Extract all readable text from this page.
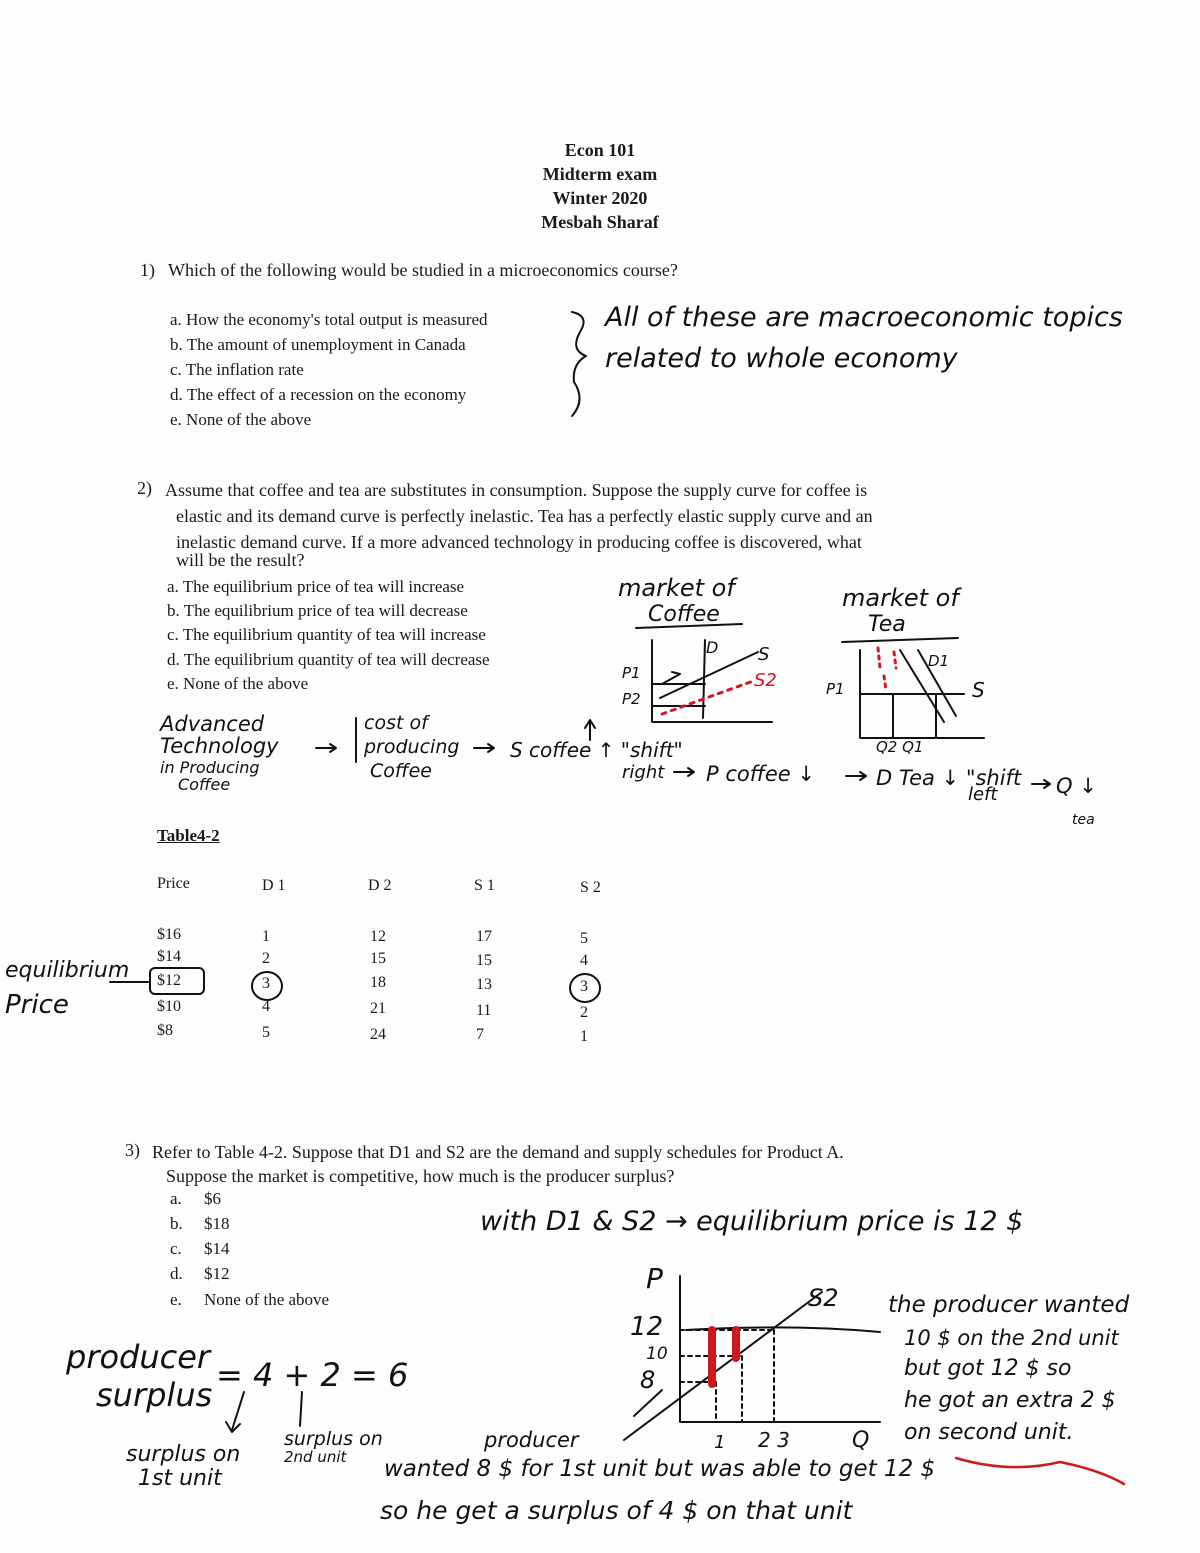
Econ 101
Midterm exam
Winter 2020
Mesbah Sharaf
1) Which of the following would be studied in a microeconomics course?
a. How the economy's total output is measured
b. The amount of unemployment in Canada
c. The inflation rate
d. The effect of a recession on the economy
e. None of the above
All of these are macroeconomic topics
related to whole economy
2) Assume that coffee and tea are substitutes in consumption. Suppose the supply curve for coffee is
elastic and its demand curve is perfectly inelastic. Tea has a perfectly elastic supply curve and an
inelastic demand curve. If a more advanced technology in producing coffee is discovered, what
will be the result?
a. The equilibrium price of tea will increase
b. The equilibrium price of tea will decrease
c. The equilibrium quantity of tea will increase
d. The equilibrium quantity of tea will decrease
e. None of the above
market of
Coffee
D S
S2
P1
P2
market of
Tea
D1
S
P1
Q2 Q1
Advanced
Technology
in Producing
Coffee
cost of
producing
Coffee
S coffee ↑ "shift"
right P coffee ↓	D Tea ↓ "shift
left	Q ↓
tea
Table4-2
Price	D 1	D 2	S 1	S 2
$16	1	12	17	5
$14	2	15	15	4
$12	3	18	13	3
$10	4	21	11	2
$8	5	24	7	1
equilibrium
Price
3) Refer to Table 4-2. Suppose that D1 and S2 are the demand and supply schedules for Product A.
Suppose the market is competitive, how much is the producer surplus?
a. $6
b. $18
c. $14
d. $12
e. None of the above
with D1 & S2 → equilibrium price is 12 $
P
S2
12
10
8
1 2 3	Q
producer
surplus
= 4 + 2 = 6
surplus on
1st unit
surplus on
2nd unit
the producer wanted
10 $ on the 2nd unit
but got 12 $ so
he got an extra 2 $
on second unit.
producer
wanted 8 $ for 1st unit but was able to get 12 $
so he get a surplus of 4 $ on that unit
